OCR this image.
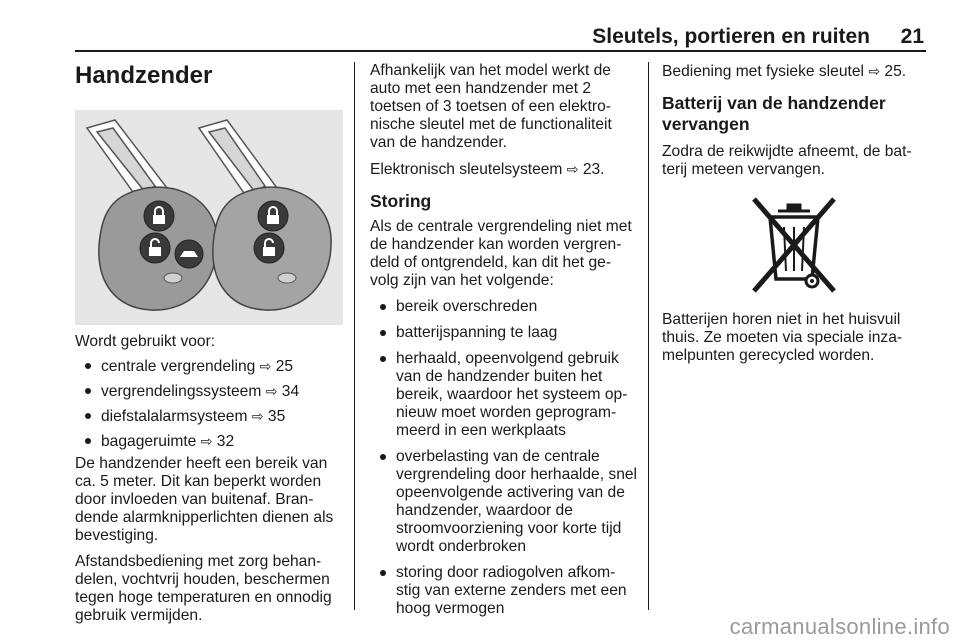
Sleutels, portieren en ruiten 21
Handzender

Wordt gebruikt voor:

centrale vergrendeling ⇨ 25
vergrendelingssysteem ⇨ 34
diefstalalarmsysteem ⇨ 35
bagageruimte ⇨ 32

De handzender heeft een bereik van ca. 5 meter. Dit kan beperkt worden door invloeden van buitenaf. Bran-dende alarmknipperlichten dienen als bevestiging.

Afstandsbediening met zorg behan-delen, vochtvrij houden, beschermen tegen hoge temperaturen en onnodig gebruik vermijden.

Afhankelijk van het model werkt de auto met een handzender met 2 toetsen of 3 toetsen of een elektro-nische sleutel met de functionaliteit van de handzender.

Elektronisch sleutelsysteem ⇨ 23.

Storing

Als de centrale vergrendeling niet met de handzender kan worden vergren-deld of ontgrendeld, kan dit het ge-volg zijn van het volgende:

bereik overschreden
batterijspanning te laag
herhaald, opeenvolgend gebruik van de handzender buiten het bereik, waardoor het systeem op-nieuw moet worden geprogram-meerd in een werkplaats
overbelasting van de centrale vergrendeling door herhaalde, snel opeenvolgende activering van de handzender, waardoor de stroomvoorziening voor korte tijd wordt onderbroken
storing door radiogolven afkom-stig van externe zenders met een hoog vermogen

Bediening met fysieke sleutel ⇨ 25.

Batterij van de handzender vervangen

Zodra de reikwijdte afneemt, de bat-terij meteen vervangen.

Batterijen horen niet in het huisvuil thuis. Ze moeten via speciale inza-melpunten gerecycled worden.

carmanualsonline.info
